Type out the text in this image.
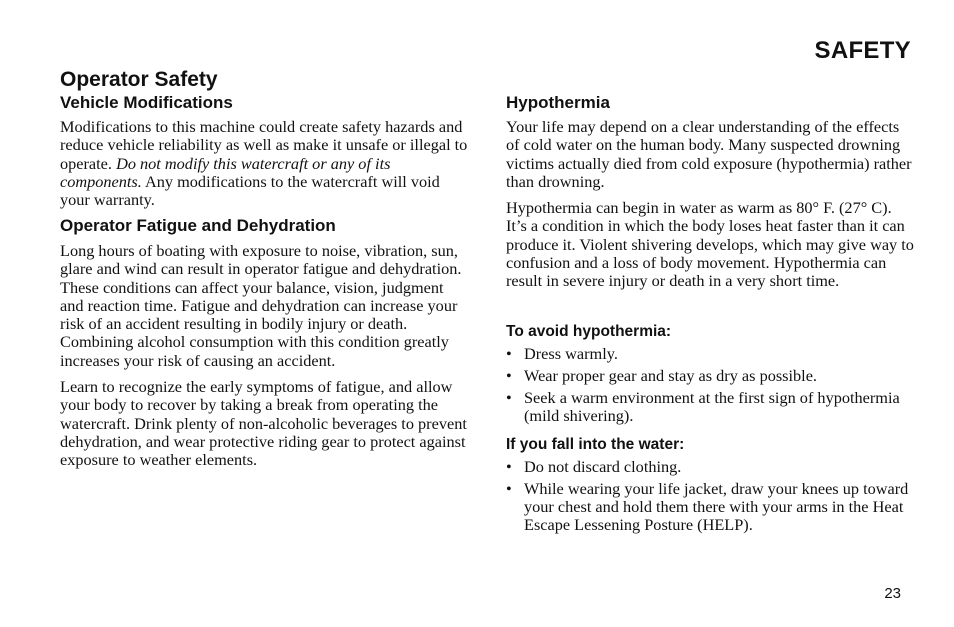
SAFETY
Operator Safety
Vehicle Modifications

Modifications to this machine could create safety hazards and reduce vehicle reliability as well as make it unsafe or illegal to operate. Do not modify this watercraft or any of its components. Any modifications to the watercraft will void your warranty.

Operator Fatigue and Dehydration

Long hours of boating with exposure to noise, vibration, sun, glare and wind can result in operator fatigue and dehydration. These conditions can affect your balance, vision, judgment and reaction time. Fatigue and dehydration can increase your risk of an accident resulting in bodily injury or death. Combining alcohol consumption with this condition greatly increases your risk of causing an accident.

Learn to recognize the early symptoms of fatigue, and allow your body to recover by taking a break from operating the watercraft. Drink plenty of non-alcoholic beverages to prevent dehydration, and wear protective riding gear to protect against exposure to weather elements.

Hypothermia

Your life may depend on a clear understanding of the effects of cold water on the human body. Many suspected drowning victims actually died from cold exposure (hypothermia) rather than drowning.

Hypothermia can begin in water as warm as 80° F. (27° C). It’s a condition in which the body loses heat faster than it can produce it. Violent shivering develops, which may give way to confusion and a loss of body movement. Hypothermia can result in severe injury or death in a very short time.

To avoid hypothermia:
• Dress warmly.
• Wear proper gear and stay as dry as possible.
• Seek a warm environment at the first sign of hypothermia (mild shivering).
If you fall into the water:
• Do not discard clothing.
• While wearing your life jacket, draw your knees up toward your chest and hold them there with your arms in the Heat Escape Lessening Posture (HELP).
23
